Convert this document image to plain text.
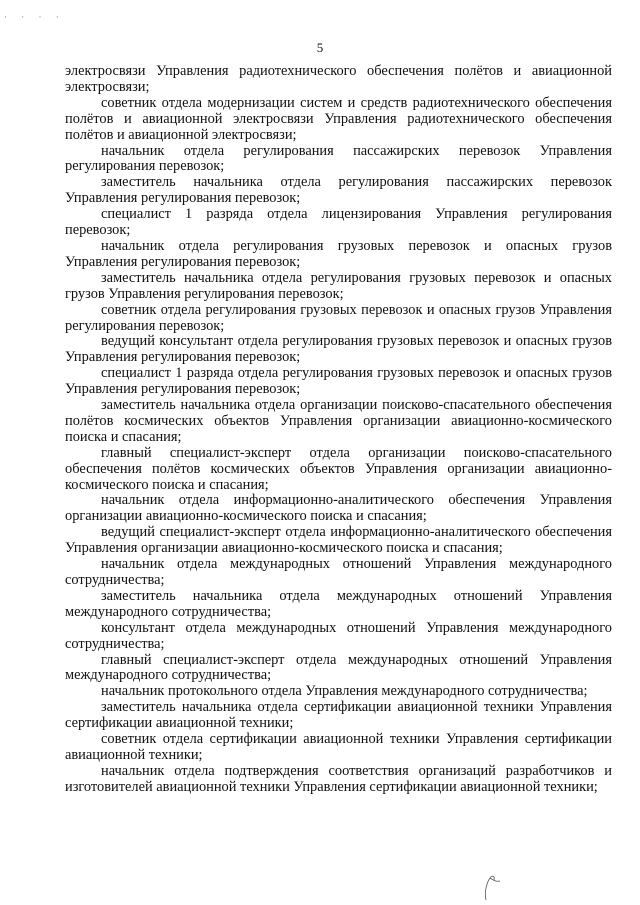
· · · ·
5

электросвязи Управления радиотехнического обеспечения полётов и авиационной электросвязи;

советник отдела модернизации систем и средств радиотехнического обеспечения полётов и авиационной электросвязи Управления радиотехнического обеспечения полётов и авиационной электросвязи;

начальник отдела регулирования пассажирских перевозок Управления регулирования перевозок;

заместитель начальника отдела регулирования пассажирских перевозок Управления регулирования перевозок;

специалист 1 разряда отдела лицензирования Управления регулирования перевозок;

начальник отдела регулирования грузовых перевозок и опасных грузов Управления регулирования перевозок;

заместитель начальника отдела регулирования грузовых перевозок и опасных грузов Управления регулирования перевозок;

советник отдела регулирования грузовых перевозок и опасных грузов Управления регулирования перевозок;

ведущий консультант отдела регулирования грузовых перевозок и опасных грузов Управления регулирования перевозок;

специалист 1 разряда отдела регулирования грузовых перевозок и опасных грузов Управления регулирования перевозок;

заместитель начальника отдела организации поисково-спасательного обеспечения полётов космических объектов Управления организации авиационно-космического поиска и спасания;

главный специалист-эксперт отдела организации поисково-спасательного обеспечения полётов космических объектов Управления организации авиационно-космического поиска и спасания;

начальник отдела информационно-аналитического обеспечения Управления организации авиационно-космического поиска и спасания;

ведущий специалист-эксперт отдела информационно-аналитического обеспечения Управления организации авиационно-космического поиска и спасания;

начальник отдела международных отношений Управления международного сотрудничества;

заместитель начальника отдела международных отношений Управления международного сотрудничества;

консультант отдела международных отношений Управления международного сотрудничества;

главный специалист-эксперт отдела международных отношений Управления международного сотрудничества;

начальник протокольного отдела Управления международного сотрудничества;

заместитель начальника отдела сертификации авиационной техники Управления сертификации авиационной техники;

советник отдела сертификации авиационной техники Управления сертификации авиационной техники;

начальник отдела подтверждения соответствия организаций разработчиков и изготовителей авиационной техники Управления сертификации авиационной техники;
